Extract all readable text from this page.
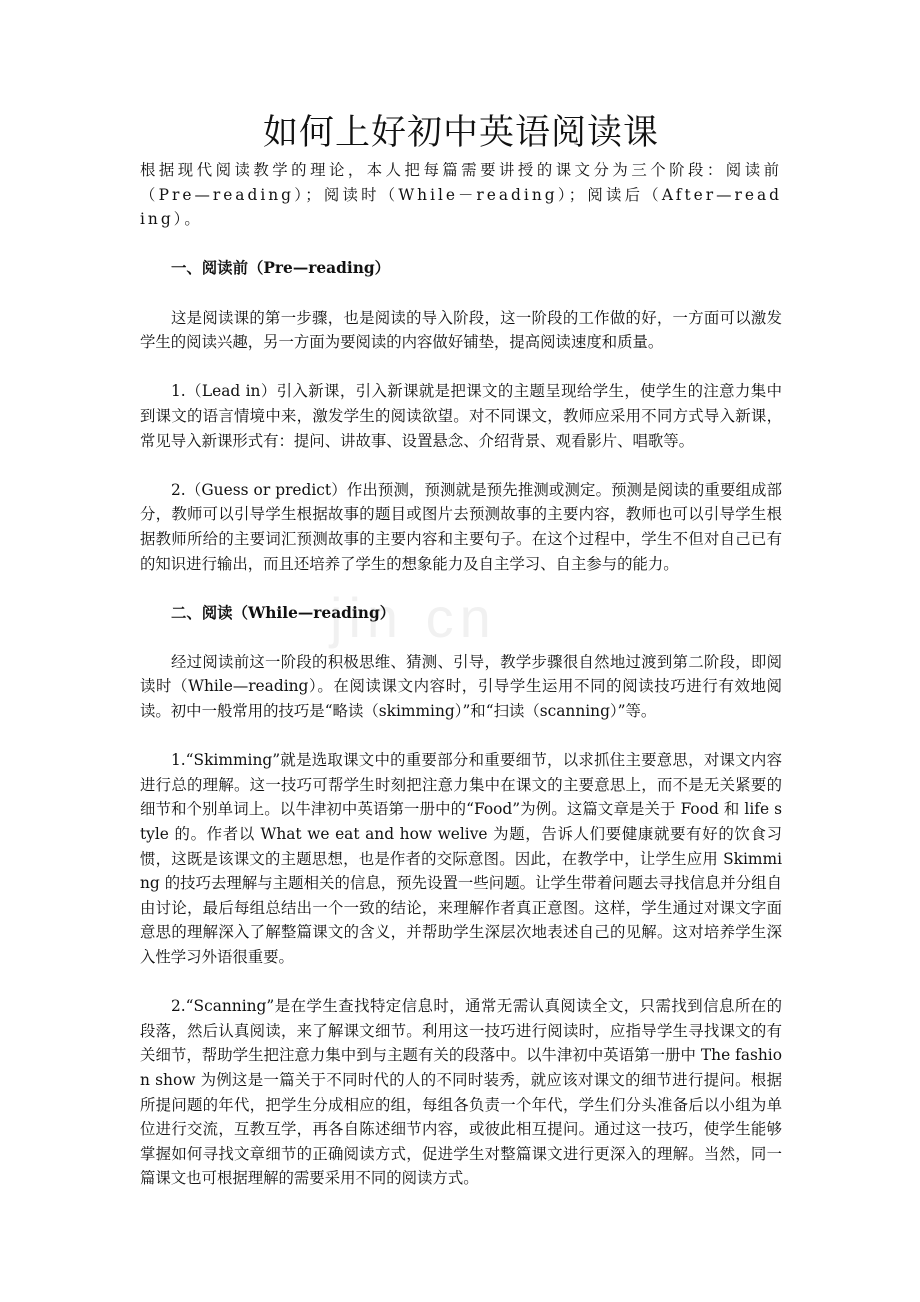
jin cn
如何上好初中英语阅读课

根据现代阅读教学的理论，本人把每篇需要讲授的课文分为三个阶段：阅读前（Pre—reading）；阅读时（While－reading）；阅读后（After—reading）。

一、阅读前（Pre—reading）

这是阅读课的第一步骤，也是阅读的导入阶段，这一阶段的工作做的好，一方面可以激发学生的阅读兴趣，另一方面为要阅读的内容做好铺垫，提高阅读速度和质量。

1.（Lead in）引入新课，引入新课就是把课文的主题呈现给学生，使学生的注意力集中到课文的语言情境中来，激发学生的阅读欲望。对不同课文，教师应采用不同方式导入新课，常见导入新课形式有：提问、讲故事、设置悬念、介绍背景、观看影片、唱歌等。

2.（Guess or predict）作出预测，预测就是预先推测或测定。预测是阅读的重要组成部分，教师可以引导学生根据故事的题目或图片去预测故事的主要内容，教师也可以引导学生根据教师所给的主要词汇预测故事的主要内容和主要句子。在这个过程中，学生不但对自己已有的知识进行输出，而且还培养了学生的想象能力及自主学习、自主参与的能力。

二、阅读（While—reading）

经过阅读前这一阶段的积极思维、猜测、引导，教学步骤很自然地过渡到第二阶段，即阅读时（While—reading）。在阅读课文内容时，引导学生运用不同的阅读技巧进行有效地阅读。初中一般常用的技巧是“略读（skimming）”和“扫读（scanning）”等。

1.“Skimming”就是选取课文中的重要部分和重要细节，以求抓住主要意思，对课文内容进行总的理解。这一技巧可帮学生时刻把注意力集中在课文的主要意思上，而不是无关紧要的细节和个别单词上。以牛津初中英语第一册中的“Food”为例。这篇文章是关于 Food 和 life style 的。作者以 What we eat and how welive 为题，告诉人们要健康就要有好的饮食习惯，这既是该课文的主题思想，也是作者的交际意图。因此，在教学中，让学生应用 Skimming 的技巧去理解与主题相关的信息，预先设置一些问题。让学生带着问题去寻找信息并分组自由讨论，最后每组总结出一个一致的结论，来理解作者真正意图。这样，学生通过对课文字面意思的理解深入了解整篇课文的含义，并帮助学生深层次地表述自己的见解。这对培养学生深入性学习外语很重要。

2.“Scanning”是在学生查找特定信息时，通常无需认真阅读全文，只需找到信息所在的段落，然后认真阅读，来了解课文细节。利用这一技巧进行阅读时，应指导学生寻找课文的有关细节，帮助学生把注意力集中到与主题有关的段落中。以牛津初中英语第一册中 The fashion show 为例这是一篇关于不同时代的人的不同时装秀，就应该对课文的细节进行提问。根据所提问题的年代，把学生分成相应的组，每组各负责一个年代，学生们分头准备后以小组为单位进行交流，互教互学，再各自陈述细节内容，或彼此相互提问。通过这一技巧，使学生能够掌握如何寻找文章细节的正确阅读方式，促进学生对整篇课文进行更深入的理解。当然，同一篇课文也可根据理解的需要采用不同的阅读方式。
